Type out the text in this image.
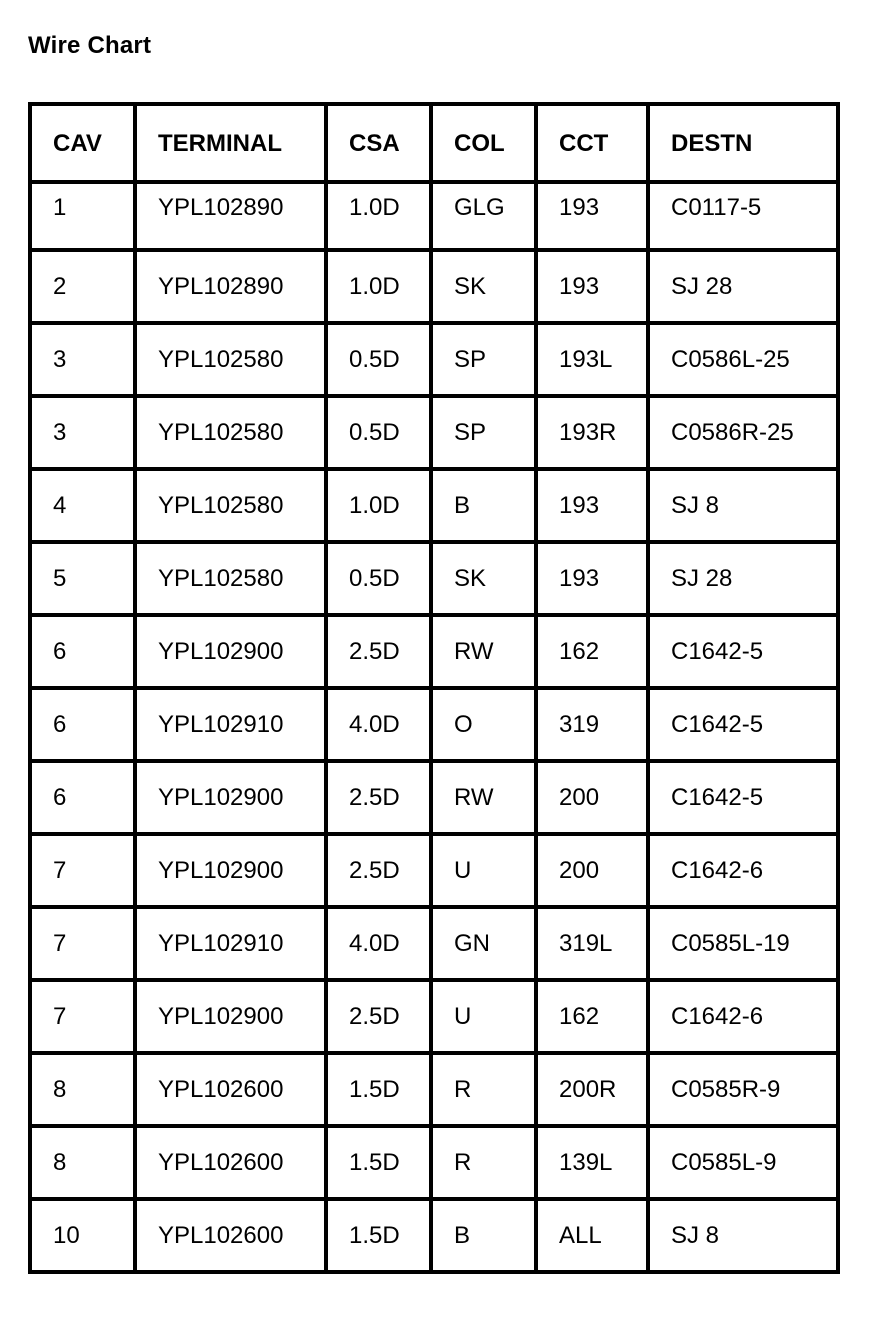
Wire Chart
CAV	TERMINAL	CSA	COL	CCT	DESTN
1	YPL102890	1.0D	GLG	193	C0117-5
2	YPL102890	1.0D	SK	193	SJ 28
3	YPL102580	0.5D	SP	193L	C0586L-25
3	YPL102580	0.5D	SP	193R	C0586R-25
4	YPL102580	1.0D	B	193	SJ 8
5	YPL102580	0.5D	SK	193	SJ 28
6	YPL102900	2.5D	RW	162	C1642-5
6	YPL102910	4.0D	O	319	C1642-5
6	YPL102900	2.5D	RW	200	C1642-5
7	YPL102900	2.5D	U	200	C1642-6
7	YPL102910	4.0D	GN	319L	C0585L-19
7	YPL102900	2.5D	U	162	C1642-6
8	YPL102600	1.5D	R	200R	C0585R-9
8	YPL102600	1.5D	R	139L	C0585L-9
10	YPL102600	1.5D	B	ALL	SJ 8
